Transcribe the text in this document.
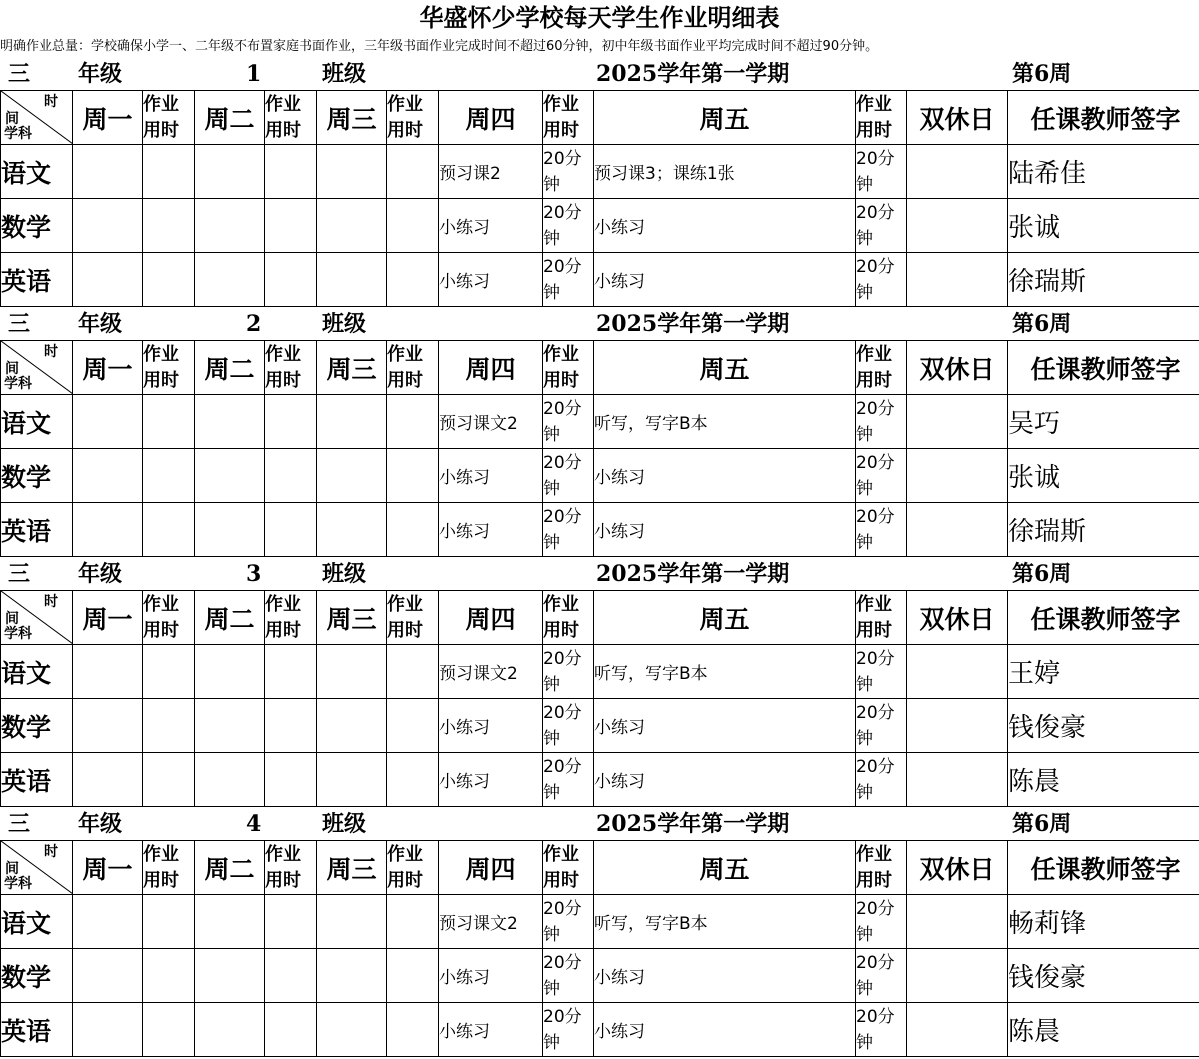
华盛怀少学校每天学生作业明细表
明确作业总量：学校确保小学一、二年级不布置家庭书面作业，三年级书面作业完成时间不超过60分钟，初中年级书面作业平均完成时间不超过90分钟。
三 年级	1	班级	2025学年第一学期	第6周
时
间
学科	周一	作业
用时	周二	作业
用时	周三	作业
用时	周四	作业
用时	周五	作业
用时	双休日	任课教师签字
语文							预习课2	20分
钟	预习课3；课练1张	20分
钟		陆希佳
数学							小练习	20分
钟	小练习	20分
钟		张诚
英语							小练习	20分
钟	小练习	20分
钟		徐瑞斯
三 年级	2	班级	2025学年第一学期	第6周
时
间
学科	周一	作业
用时	周二	作业
用时	周三	作业
用时	周四	作业
用时	周五	作业
用时	双休日	任课教师签字
语文							预习课文2	20分
钟	听写，写字B本	20分
钟		吴巧
数学							小练习	20分
钟	小练习	20分
钟		张诚
英语							小练习	20分
钟	小练习	20分
钟		徐瑞斯
三 年级	3	班级	2025学年第一学期	第6周
时
间
学科	周一	作业
用时	周二	作业
用时	周三	作业
用时	周四	作业
用时	周五	作业
用时	双休日	任课教师签字
语文							预习课文2	20分
钟	听写，写字B本	20分
钟		王婷
数学							小练习	20分
钟	小练习	20分
钟		钱俊豪
英语							小练习	20分
钟	小练习	20分
钟		陈晨
三 年级	4	班级	2025学年第一学期	第6周
时
间
学科	周一	作业
用时	周二	作业
用时	周三	作业
用时	周四	作业
用时	周五	作业
用时	双休日	任课教师签字
语文							预习课文2	20分
钟	听写，写字B本	20分
钟		畅莉锋
数学							小练习	20分
钟	小练习	20分
钟		钱俊豪
英语							小练习	20分
钟	小练习	20分
钟		陈晨
